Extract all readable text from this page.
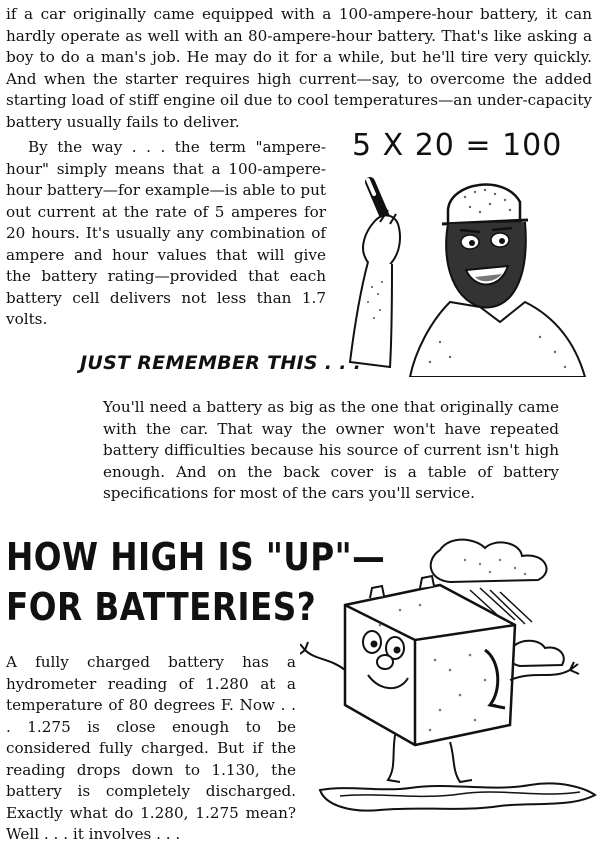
if a car originally came equipped with a 100-ampere-hour battery, it can hardly operate as well with an 80-ampere-hour battery. That's like asking a boy to do a man's job. He may do it for a while, but he'll tire very quickly. And when the starter requires high current—say, to overcome the added starting load of stiff engine oil due to cool temperatures—an under-capacity battery usually fails to deliver.

By the way . . . the term "ampere-hour" simply means that a 100-ampere-hour battery—for example—is able to put out current at the rate of 5 amperes for 20 hours. It's usually any combination of ampere and hour values that will give the battery rating—provided that each battery cell delivers not less than 1.7 volts.

5 X 20 = 100

JUST REMEMBER THIS . . .

You'll need a battery as big as the one that originally came with the car. That way the owner won't have repeated battery difficulties because his source of current isn't high enough. And on the back cover is a table of battery specifications for most of the cars you'll service.

HOW HIGH IS "UP"—
FOR BATTERIES?

A fully charged battery has a hydrometer reading of 1.280 at a temperature of 80 degrees F. Now . . . 1.275 is close enough to be considered fully charged. But if the reading drops down to 1.130, the battery is completely discharged. Exactly what do 1.280, 1.275 mean? Well . . . it involves . . .
